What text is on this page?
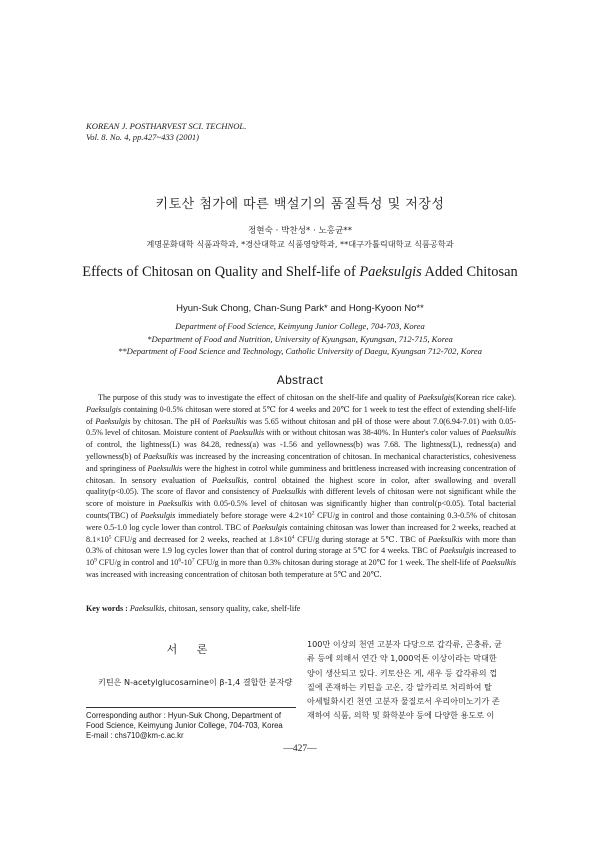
KOREAN J. POSTHARVEST SCI. TECHNOL.
Vol. 8. No. 4, pp.427~433 (2001)
키토산 첨가에 따른 백설기의 품질특성 및 저장성
정현숙 · 박찬성* · 노홍균**
계명문화대학 식품과학과, *경산대학교 식품영양학과, **대구가톨릭대학교 식품공학과
Effects of Chitosan on Quality and Shelf-life of Paeksulgis Added Chitosan
Hyun-Suk Chong, Chan-Sung Park* and Hong-Kyoon No**
Department of Food Science, Keimyung Junior College, 704-703, Korea
*Department of Food and Nutrition, University of Kyungsan, Kyungsan, 712-715, Korea
**Department of Food Science and Technology, Catholic University of Daegu, Kyungsan 712-702, Korea
Abstract

The purpose of this study was to investigate the effect of chitosan on the shelf-life and quality of Paeksulgis(Korean rice cake). Paeksulgis containing 0-0.5% chitosan were stored at 5℃ for 4 weeks and 20℃ for 1 week to test the effect of extending shelf-life of Paeksulgis by chitosan. The pH of Paeksulkis was 5.65 without chitosan and pH of those were about 7.0(6.94-7.01) with 0.05-0.5% level of chitosan. Moisture content of Paeksulkis with or without chitosan was 38-40%. In Hunter's color values of Paeksulkis of control, the lightness(L) was 84.28, redness(a) was -1.56 and yellowness(b) was 7.68. The lightness(L), redness(a) and yellowness(b) of Paeksulkis was increased by the increasing concentration of chitosan. In mechanical characteristics, cohesiveness and springiness of Paeksulkis were the highest in cotrol while gumminess and brittleness increased with increasing concentration of chitosan. In sensory evaluation of Paeksulkis, control obtained the highest score in color, after swallowing and overall quality(p<0.05). The score of flavor and consistency of Paeksulkis with different levels of chitosan were not significant while the score of moisture in Paeksulkis with 0.05-0.5% level of chitosan was significantly higher than control(p<0.05). Total bacterial counts(TBC) of Paeksulgis immediately before storage were $4.2\times 10^2$ CFU/g in control and those containing 0.3-0.5% of chitosan were 0.5-1.0 log cycle lower than control. TBC of Paeksulgis containing chitosan was lower than increased for 2 weeks, reached at $8.1\times 10^5$ CFU/g and decreased for 2 weeks, reached at $1.8\times 10^4$ CFU/g during storage at 5℃. TBC of Paeksulkis with more than 0.3% of chitosan were 1.9 log cycles lower than that of control during storage at 5℃ for 4 weeks. TBC of Paeksulgis increased to $10^9$ CFU/g in control and $10^6-10^7$ CFU/g in more than 0.3% chitosan during storage at 20℃ for 1 week. The shelf-life of Paeksulkis was increased with increasing concentration of chitosan both temperature at 5℃ and 20℃.

Key words : Paeksulkis, chitosan, sensory quality, cake, shelf-life
서 론
키틴은 N-acetylglucosamine이 β-1,4 결합한 분자량
Corresponding author : Hyun-Suk Chong, Department of
Food Science, Keimyung Junior College, 704-703, Korea
E-mail : chs710@km-c.ac.kr
100만 이상의 천연 고분자 다당으로 갑각류, 곤충류, 균
류 등에 의해서 연간 약 1,000억톤 이상이라는 막대한
양이 생산되고 있다. 키토산은 게, 새우 등 갑각류의 껍
질에 존재하는 키틴을 고온, 강 알카리로 처리하여 탈
아세틸화시킨 천연 고분자 물질로서 우리아미노기가 존
재하여 식품, 의학 및 화학분야 등에 다양한 용도로 이
—427—
